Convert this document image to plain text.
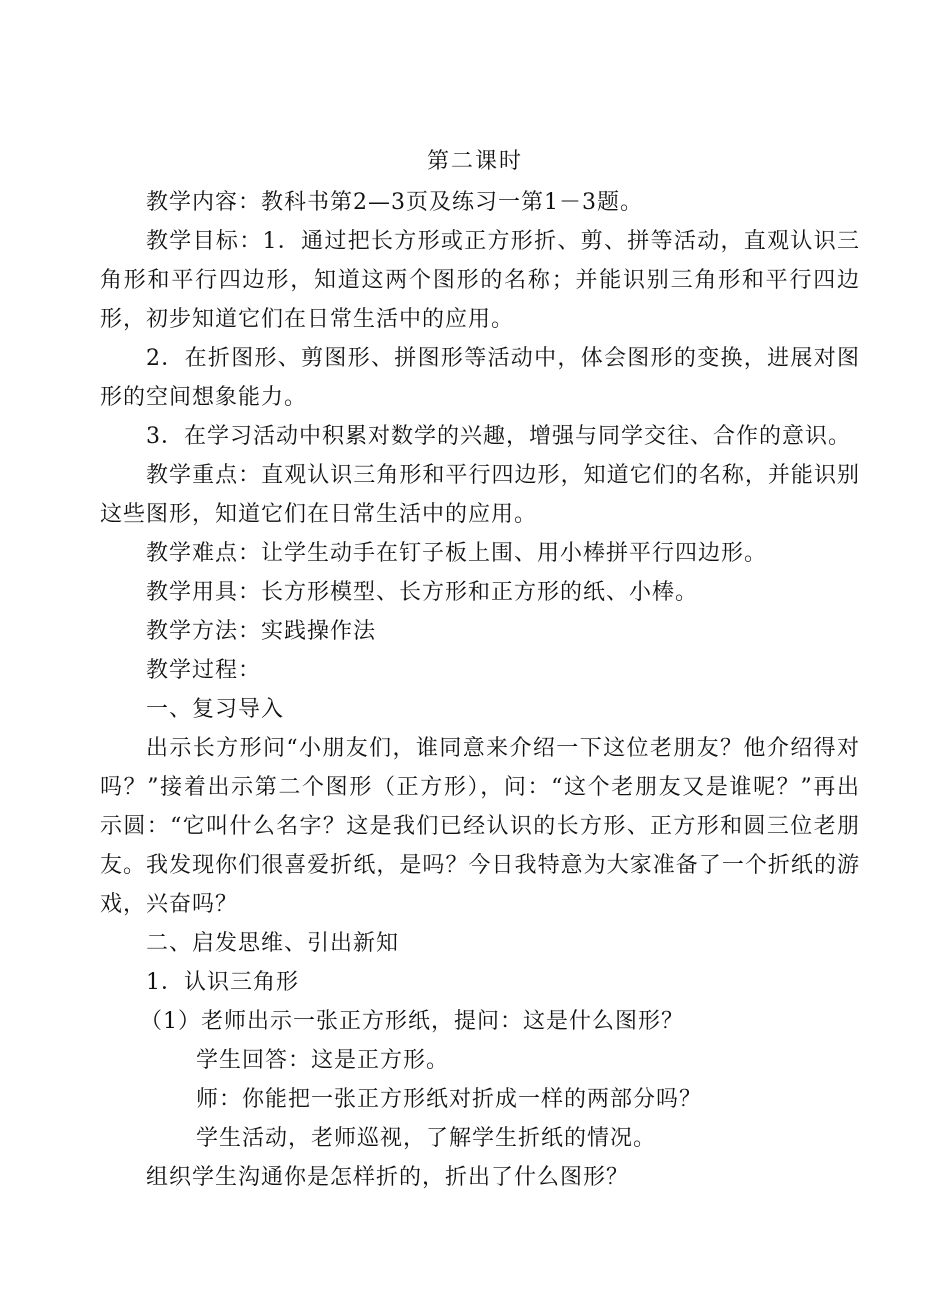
第二课时

教学内容：教科书第2—3页及练习一第1－3题。

教学目标：1．通过把长方形或正方形折、剪、拼等活动，直观认识三角形和平行四边形，知道这两个图形的名称；并能识别三角形和平行四边形，初步知道它们在日常生活中的应用。

2．在折图形、剪图形、拼图形等活动中，体会图形的变换，进展对图形的空间想象能力。

3．在学习活动中积累对数学的兴趣，增强与同学交往、合作的意识。

教学重点：直观认识三角形和平行四边形，知道它们的名称，并能识别这些图形，知道它们在日常生活中的应用。

教学难点：让学生动手在钉子板上围、用小棒拼平行四边形。

教学用具：长方形模型、长方形和正方形的纸、小棒。

教学方法：实践操作法

教学过程：

一、复习导入

出示长方形问“小朋友们，谁同意来介绍一下这位老朋友？他介绍得对吗？”接着出示第二个图形（正方形），问：“这个老朋友又是谁呢？”再出示圆：“它叫什么名字？这是我们已经认识的长方形、正方形和圆三位老朋友。我发现你们很喜爱折纸，是吗？今日我特意为大家准备了一个折纸的游戏，兴奋吗？

二、启发思维、引出新知

1．认识三角形

（1）老师出示一张正方形纸，提问：这是什么图形？

学生回答：这是正方形。

师：你能把一张正方形纸对折成一样的两部分吗？

学生活动，老师巡视，了解学生折纸的情况。

组织学生沟通你是怎样折的，折出了什么图形？
